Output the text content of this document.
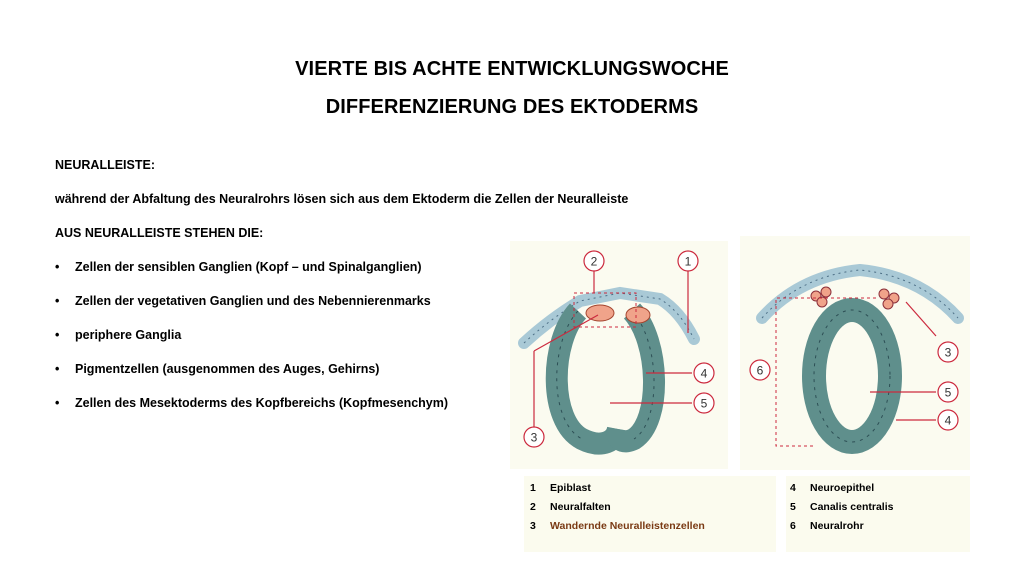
VIERTE BIS ACHTE ENTWICKLUNGSWOCHE
DIFFERENZIERUNG DES EKTODERMS
NEURALLEISTE:
während der Abfaltung des Neuralrohrs lösen sich aus dem Ektoderm die Zellen der Neuralleiste
AUS NEURALLEISTE STEHEN DIE:
• Zellen der sensiblen Ganglien (Kopf – und Spinalganglien)
• Zellen der vegetativen Ganglien und des Nebennierenmarks
• periphere Ganglia
• Pigmentzellen (ausgenommen des Auges, Gehirns)
• Zellen des Mesektoderms des Kopfbereichs (Kopfmesenchym)
2	1
4
5
3
6
3
5
4
1 Epiblast
2 Neuralfalten
3 Wandernde Neuralleistenzellen
4 Neuroepithel
5 Canalis centralis
6 Neuralrohr
